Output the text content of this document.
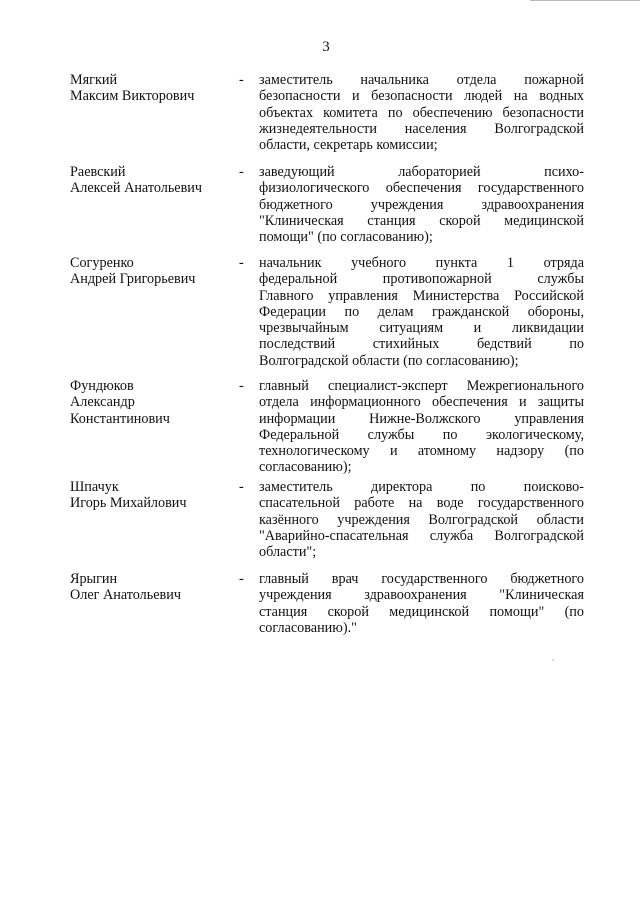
3
Мягкий
Максим Викторович
- заместитель начальника отдела пожарной
безопасности и безопасности людей на водных
объектах комитета по обеспечению безопасности
жизнедеятельности населения Волгоградской
области, секретарь комиссии;
Раевский
Алексей Анатольевич
- заведующий лабораторией психо-
физиологического обеспечения государственного
бюджетного учреждения здравоохранения
"Клиническая станция скорой медицинской
помощи" (по согласованию);
Согуренко
Андрей Григорьевич
- начальник учебного пункта 1 отряда
федеральной противопожарной службы
Главного управления Министерства Российской
Федерации по делам гражданской обороны,
чрезвычайным ситуациям и ликвидации
последствий стихийных бедствий по
Волгоградской области (по согласованию);
Фундюков
Александр
Константинович
- главный специалист-эксперт Межрегионального
отдела информационного обеспечения и защиты
информации Нижне-Волжского управления
Федеральной службы по экологическому,
технологическому и атомному надзору (по
согласованию);
Шпачук
Игорь Михайлович
- заместитель директора по поисково-
спасательной работе на воде государственного
казённого учреждения Волгоградской области
"Аварийно-спасательная служба Волгоградской
области";
Ярыгин
Олег Анатольевич
- главный врач государственного бюджетного
учреждения здравоохранения "Клиническая
станция скорой медицинской помощи" (по
согласованию)."
